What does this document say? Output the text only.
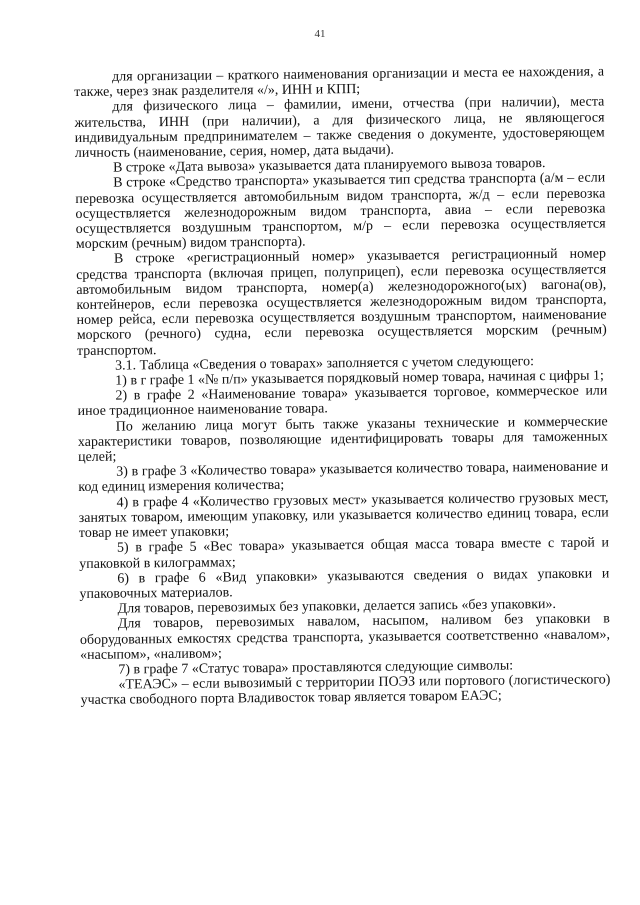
41

для организации – краткого наименования организации и места ее нахождения, а также, через знак разделителя «/», ИНН и КПП;

для физического лица – фамилии, имени, отчества (при наличии), места жительства, ИНН (при наличии), а для физического лица, не являющегося индивидуальным предпринимателем – также сведения о документе, удостоверяющем личность (наименование, серия, номер, дата выдачи).

В строке «Дата вывоза» указывается дата планируемого вывоза товаров.

В строке «Средство транспорта» указывается тип средства транспорта (а/м – если перевозка осуществляется автомобильным видом транспорта, ж/д – если перевозка осуществляется железнодорожным видом транспорта, авиа – если перевозка осуществляется воздушным транспортом, м/р – если перевозка осуществляется морским (речным) видом транспорта).

В строке «регистрационный номер» указывается регистрационный номер средства транспорта (включая прицеп, полуприцеп), если перевозка осуществляется автомобильным видом транспорта, номер(а) железнодорожного(ых) вагона(ов), контейнеров, если перевозка осуществляется железнодорожным видом транспорта, номер рейса, если перевозка осуществляется воздушным транспортом, наименование морского (речного) судна, если перевозка осуществляется морским (речным) транспортом.

3.1. Таблица «Сведения о товарах» заполняется с учетом следующего:

1) в г графе 1 «№ п/п» указывается порядковый номер товара, начиная с цифры 1;

2) в графе 2 «Наименование товара» указывается торговое, коммерческое или иное традиционное наименование товара.

По желанию лица могут быть также указаны технические и коммерческие характеристики товаров, позволяющие идентифицировать товары для таможенных целей;

3) в графе 3 «Количество товара» указывается количество товара, наименование и код единиц измерения количества;

4) в графе 4 «Количество грузовых мест» указывается количество грузовых мест, занятых товаром, имеющим упаковку, или указывается количество единиц товара, если товар не имеет упаковки;

5) в графе 5 «Вес товара» указывается общая масса товара вместе с тарой и упаковкой в килограммах;

6) в графе 6 «Вид упаковки» указываются сведения о видах упаковки и упаковочных материалов.

Для товаров, перевозимых без упаковки, делается запись «без упаковки».

Для товаров, перевозимых навалом, насыпом, наливом без упаковки в оборудованных емкостях средства транспорта, указывается соответственно «навалом», «насыпом», «наливом»;

7) в графе 7 «Статус товара» проставляются следующие символы:

«ТЕАЭС» – если вывозимый с территории ПОЭЗ или портового (логистического) участка свободного порта Владивосток товар является товаром ЕАЭС;
